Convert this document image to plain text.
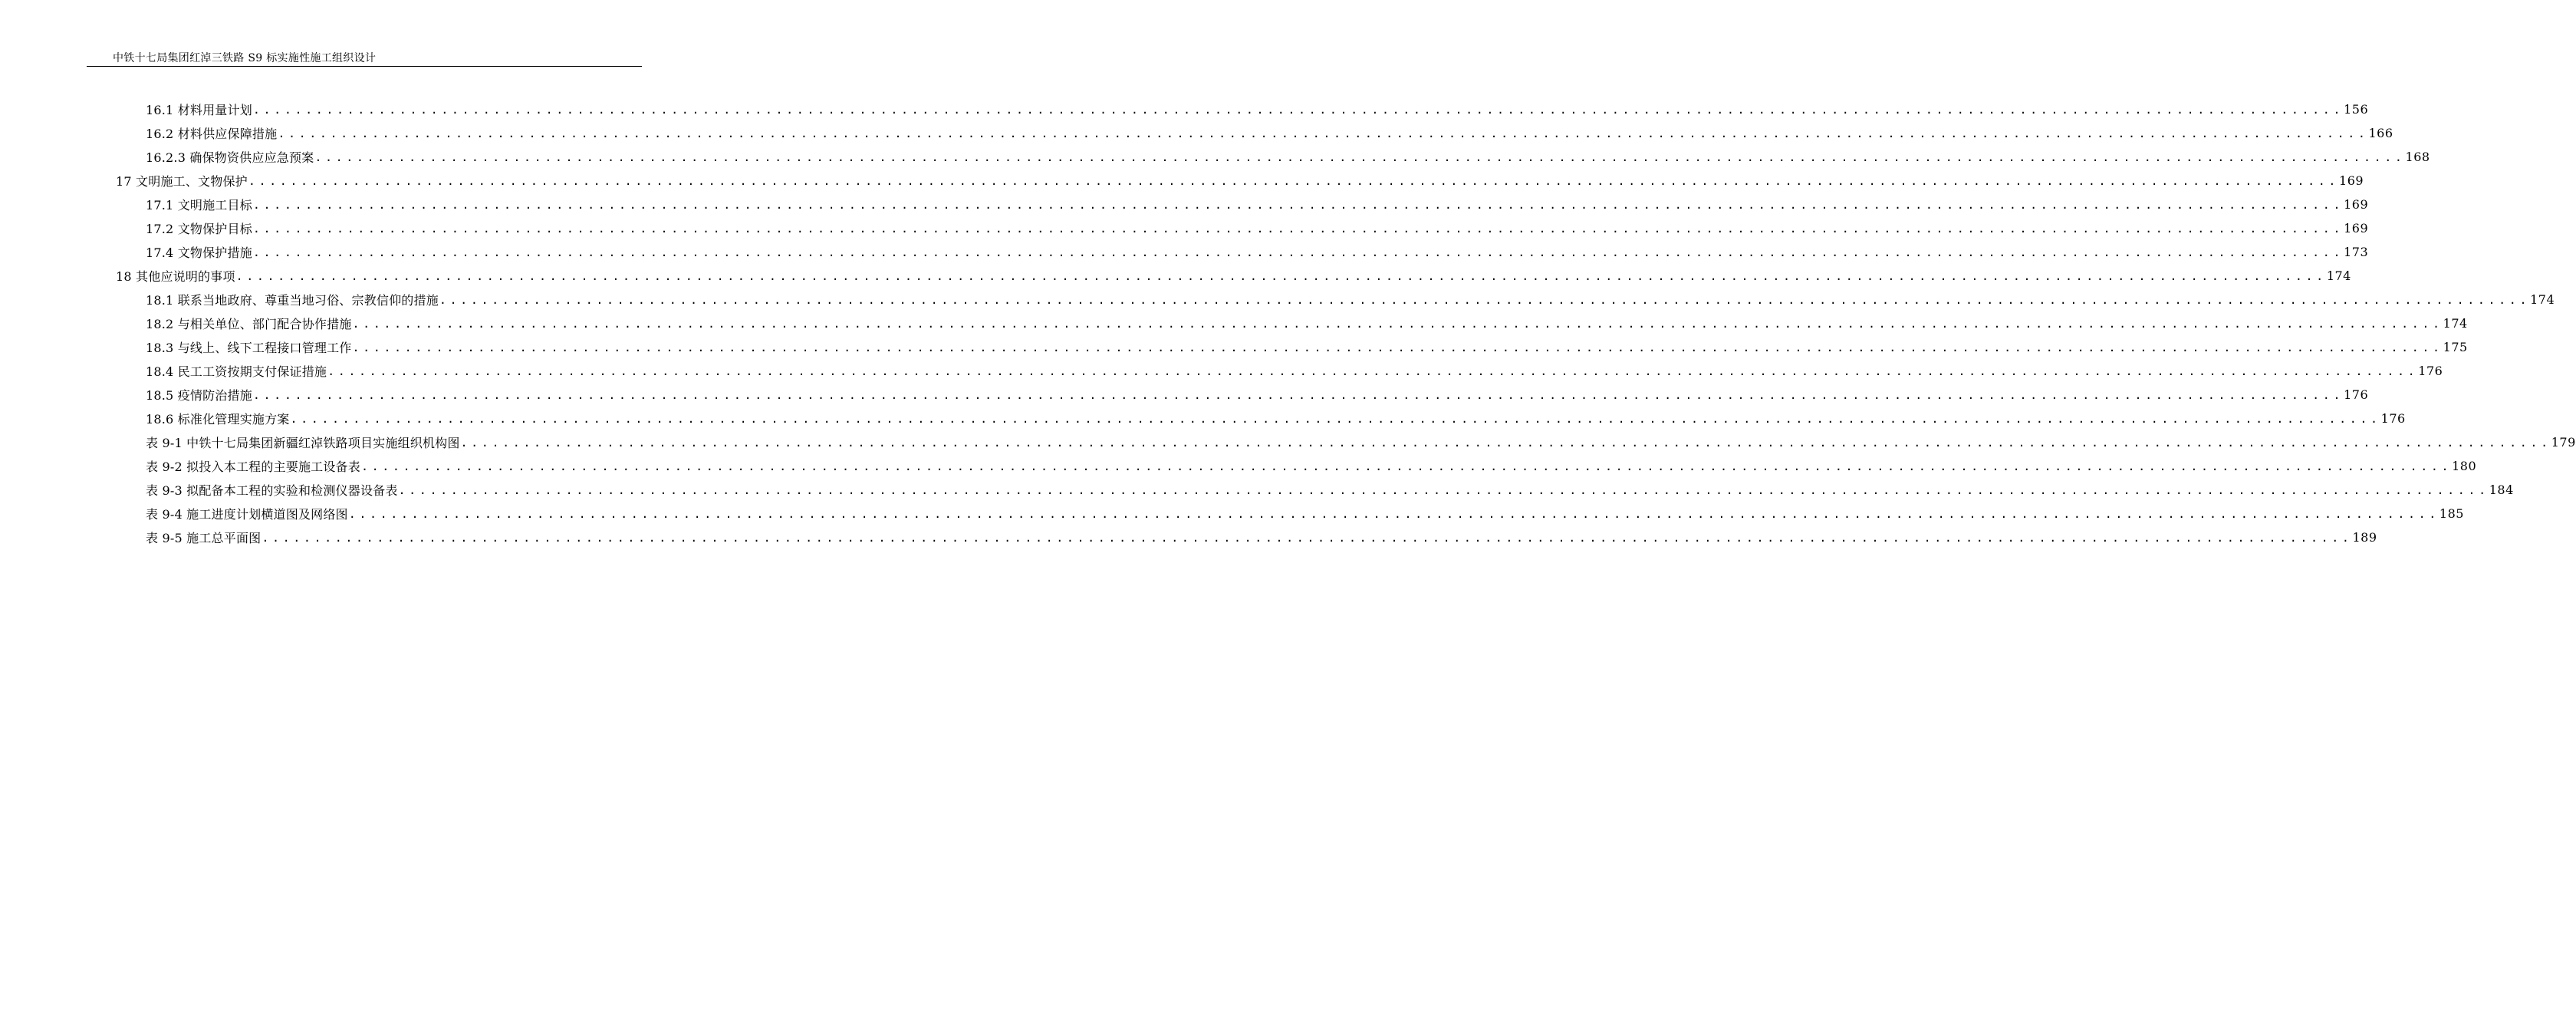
中铁十七局集团红淖三铁路 S9 标实施性施工组织设计
16.1 材料用量计划 ........................................................................................................................................................................................................ 156
16.2 材料供应保障措施 ........................................................................................................................................................................................................ 166
16.2.3 确保物资供应应急预案 ........................................................................................................................................................................................................ 168
17 文明施工、文物保护 ........................................................................................................................................................................................................ 169
17.1 文明施工目标 ........................................................................................................................................................................................................ 169
17.2 文物保护目标 ........................................................................................................................................................................................................ 169
17.4 文物保护措施 ........................................................................................................................................................................................................ 173
18 其他应说明的事项 ........................................................................................................................................................................................................ 174
18.1 联系当地政府、尊重当地习俗、宗教信仰的措施 ........................................................................................................................................................................................................ 174
18.2 与相关单位、部门配合协作措施 ........................................................................................................................................................................................................ 174
18.3 与线上、线下工程接口管理工作 ........................................................................................................................................................................................................ 175
18.4 民工工资按期支付保证措施 ........................................................................................................................................................................................................ 176
18.5 疫情防治措施 ........................................................................................................................................................................................................ 176
18.6 标准化管理实施方案 ........................................................................................................................................................................................................ 176
表 9-1 中铁十七局集团新疆红淖铁路项目实施组织机构图 ........................................................................................................................................................................................................ 179
表 9-2 拟投入本工程的主要施工设备表 ........................................................................................................................................................................................................ 180
表 9-3 拟配备本工程的实验和检测仪器设备表 ........................................................................................................................................................................................................ 184
表 9-4 施工进度计划横道图及网络图 ........................................................................................................................................................................................................ 185
表 9-5 施工总平面图 ........................................................................................................................................................................................................ 189
